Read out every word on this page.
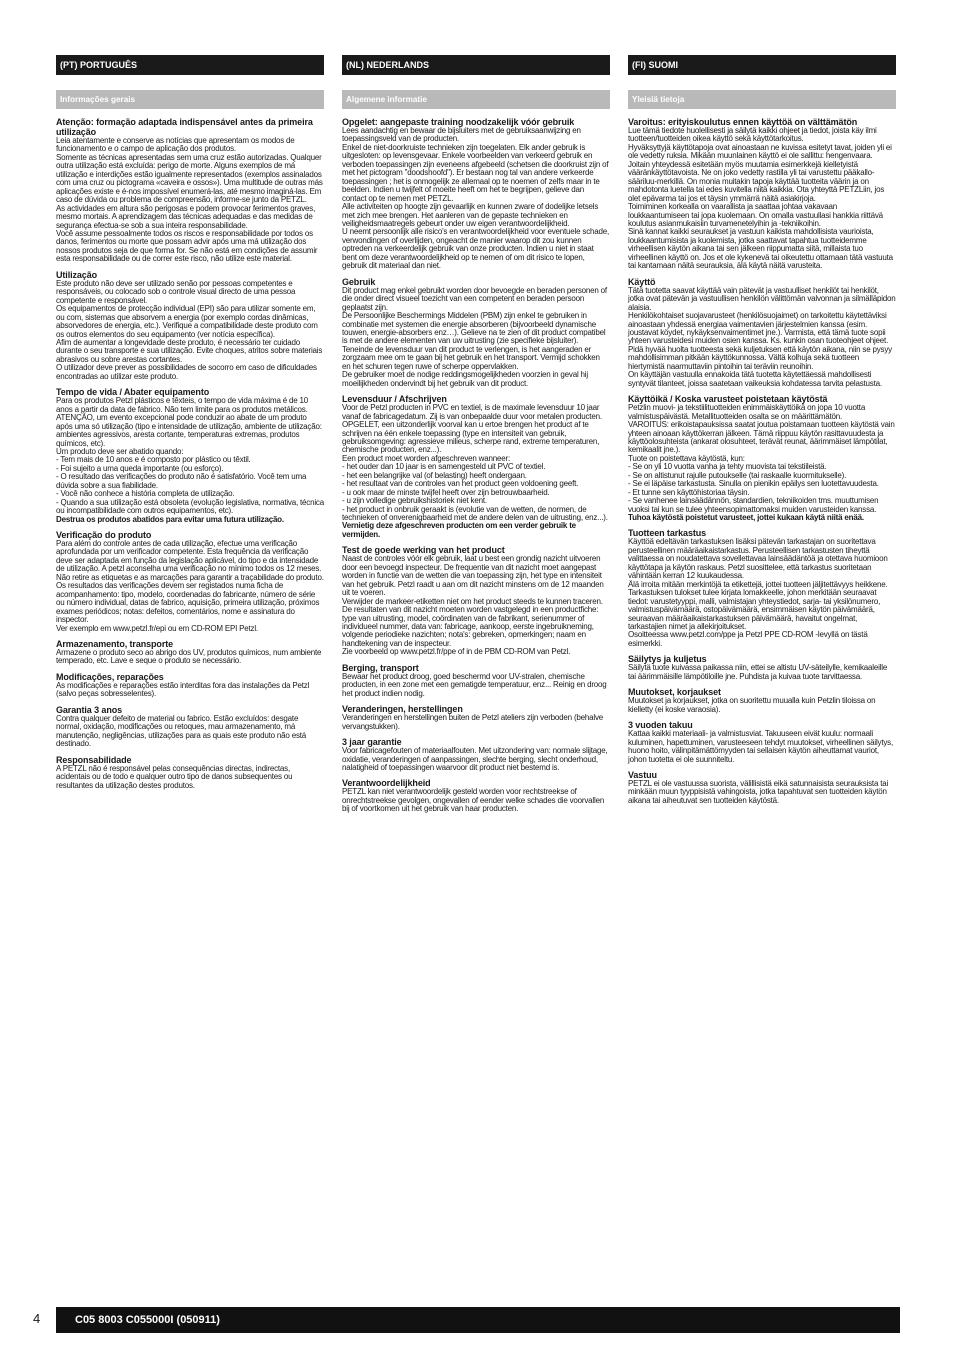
(PT) PORTUGUÊS
Informações gerais
Atenção: formação adaptada indispensável antes da primeira utilização

Leia atentamente e conserve as notícias que apresentam os modos de funcionamento e o campo de aplicação dos produtos.
Somente as técnicas apresentadas sem uma cruz estão autorizadas. Qualquer outra utilização está excluída: perigo de morte. Alguns exemplos de má utilização e interdições estão igualmente representados (exemplos assinalados com uma cruz ou pictograma «caveira e ossos»). Uma multitude de outras más aplicações existe e é-nos impossível enumerá-las, até mesmo imaginá-las. Em caso de dúvida ou problema de compreensão, informe-se junto da PETZL.
As actividades em altura são perigosas e podem provocar ferimentos graves, mesmo mortais. A aprendizagem das técnicas adequadas e das medidas de segurança efectua-se sob a sua inteira responsabilidade.
Você assume pessoalmente todos os riscos e responsabilidade por todos os danos, ferimentos ou morte que possam advir após uma má utilização dos nossos produtos seja de que forma for. Se não está em condições de assumir esta responsabilidade ou de correr este risco, não utilize este material.

Utilização

Este produto não deve ser utilizado senão por pessoas competentes e responsáveis, ou colocado sob o controle visual directo de uma pessoa competente e responsável.
Os equipamentos de protecção individual (EPI) são para utilizar somente em, ou com, sistemas que absorvem a energia (por exemplo cordas dinâmicas, absorvedores de energia, etc.). Verifique a compatibilidade deste produto com os outros elementos do seu equipamento (ver notícia específica).
Afim de aumentar a longevidade deste produto, é necessário ter cuidado durante o seu transporte e sua utilização. Evite choques, atritos sobre materiais abrasivos ou sobre arestas cortantes.
O utilizador deve prever as possibilidades de socorro em caso de dificuldades encontradas ao utilizar este produto.

Tempo de vida / Abater equipamento

Para os produtos Petzl plásticos e têxteis, o tempo de vida máxima é de 10 anos a partir da data de fabrico. Não tem limite para os produtos metálicos.
ATENÇÃO, um evento excepcional pode conduzir ao abate de um produto após uma só utilização (tipo e intensidade de utilização, ambiente de utilização: ambientes agressivos, aresta cortante, temperaturas extremas, produtos químicos, etc).
Um produto deve ser abatido quando:
- Tem mais de 10 anos e é composto por plástico ou têxtil.
- Foi sujeito a uma queda importante (ou esforço).
- O resultado das verificações do produto não é satisfatório. Você tem uma dúvida sobre a sua fiabilidade.
- Você não conhece a história completa de utilização.
- Quando a sua utilização está obsoleta (evolução legislativa, normativa, técnica ou incompatibilidade com outros equipamentos, etc).

Destrua os produtos abatidos para evitar uma futura utilização.

Verificação do produto

Para além do controle antes de cada utilização, efectue uma verificação aprofundada por um verificador competente. Esta frequência da verificação deve ser adaptada em função da legislação aplicável, do tipo e da intensidade de utilização. A petzl aconselha uma verificação no mínimo todos os 12 meses.
Não retire as etiquetas e as marcações para garantir a traçabilidade do produto.
Os resultados das verificações devem ser registados numa ficha de acompanhamento: tipo, modelo, coordenadas do fabricante, número de série ou número individual, datas de fabrico, aquisição, primeira utilização, próximos exames periódicos; notas: defeitos, comentários, nome e assinatura do inspector.
Ver exemplo em www.petzl.fr/epi ou em CD-ROM EPI Petzl.

Armazenamento, transporte

Armazene o produto seco ao abrigo dos UV, produtos químicos, num ambiente temperado, etc. Lave e seque o produto se necessário.

Modificações, reparações

As modificações e reparações estão interditas fora das instalações da Petzl (salvo peças sobresselentes).

Garantia 3 anos

Contra qualquer defeito de material ou fabrico. Estão excluídos: desgate normal, oxidação, modificações ou retoques, mau armazenamento, má manutenção, negligências, utilizações para as quais este produto não está destinado.

Responsabilidade

A PETZL não é responsável pelas consequências directas, indirectas, acidentais ou de todo e qualquer outro tipo de danos subsequentes ou resultantes da utilização destes produtos.

(NL) NEDERLANDS
Algemene informatie
Opgelet: aangepaste training noodzakelijk vóór gebruik

Lees aandachtig en bewaar de bijsluiters met de gebruiksaanwijzing en toepassingsveld van de producten.
Enkel de niet-doorkruiste technieken zijn toegelaten. Elk ander gebruik is uitgesloten: op levensgevaar. Enkele voorbeelden van verkeerd gebruik en verboden toepassingen zijn eveneens afgebeeld (schetsen die doorkruist zijn of met het pictogram "doodshoofd"). Er bestaan nog tal van andere verkeerde toepassingen ; het is onmogelijk ze allemaal op te noemen of zelfs maar in te beelden. Indien u twijfelt of moeite heeft om het te begrijpen, gelieve dan contact op te nemen met PETZL.
Alle activiteiten op hoogte zijn gevaarlijk en kunnen zware of dodelijke letsels met zich mee brengen. Het aanleren van de gepaste technieken en veiligheidsmaatregels gebeurt onder uw eigen verantwoordelijkheid.
U neemt persoonlijk alle risico's en verantwoordelijkheid voor eventuele schade, verwondingen of overlijden, ongeacht de manier waarop dit zou kunnen optreden na verkeerdelijk gebruik van onze producten. Indien u niet in staat bent om deze verantwoordelijkheid op te nemen of om dit risico te lopen, gebruik dit materiaal dan niet.

Gebruik

Dit product mag enkel gebruikt worden door bevoegde en beraden personen of die onder direct visueel toezicht van een competent en beraden persoon geplaatst zijn.
De Persoonlijke Beschermings Middelen (PBM) zijn enkel te gebruiken in combinatie met systemen die energie absorberen (bijvoorbeeld dynamische touwen, energie-absorbers enz…). Gelieve na te zien of dit product compatibel is met de andere elementen van uw uitrusting (zie specifieke bijsluiter).
Teneinde de levensduur van dit product te verlengen, is het aangeraden er zorgzaam mee om te gaan bij het gebruik en het transport. Vermijd schokken en het schuren tegen ruwe of scherpe oppervlakken.
De gebruiker moet de nodige reddingsmogelijkheden voorzien in geval hij moeilijkheden ondervindt bij het gebruik van dit product.

Levensduur / Afschrijven

Voor de Petzl producten in PVC en textiel, is de maximale levensduur 10 jaar vanaf de fabricagedatum. Zij is van onbepaalde duur voor metalen producten.
OPGELET, een uitzonderlijk voorval kan u ertoe brengen het product af te schrijven na één enkele toepassing (type en intensiteit van gebruik, gebruiksomgeving: agressieve milieus, scherpe rand, extreme temperaturen, chemische producten, enz...).
Een product moet worden afgeschreven wanneer:
- het ouder dan 10 jaar is en samengesteld uit PVC of textiel.
- het een belangrijke val (of belasting) heeft ondergaan.
- het resultaat van de controles van het product geen voldoening geeft.
- u ook maar de minste twijfel heeft over zijn betrouwbaarheid.
- u zijn volledige gebruikshistoriek niet kent.
- het product in onbruik geraakt is (evolutie van de wetten, de normen, de technieken of onverenigbaarheid met de andere delen van de uitrusting, enz...).

Vernietig deze afgeschreven producten om een verder gebruik te vermijden.

Test de goede werking van het product

Naast de controles vóór elk gebruik, laat u best een grondig nazicht uitvoeren door een bevoegd inspecteur. De frequentie van dit nazicht moet aangepast worden in functie van de wetten die van toepassing zijn, het type en intensiteit van het gebruik. Petzl raadt u aan om dit nazicht minstens om de 12 maanden uit te voeren.
Verwijder de markeer-etiketten niet om het product steeds te kunnen traceren.
De resultaten van dit nazicht moeten worden vastgelegd in een productfiche: type van uitrusting, model, coördinaten van de fabrikant, serienummer of individueel nummer, data van: fabricage, aankoop, eerste ingebruikneming, volgende periodieke nazichten; nota's: gebreken, opmerkingen; naam en handtekening van de inspecteur.
Zie voorbeeld op www.petzl.fr/ppe of in de PBM CD-ROM van Petzl.

Berging, transport

Bewaar het product droog, goed beschermd voor UV-stralen, chemische producten, in een zone met een gematigde temperatuur, enz... Reinig en droog het product indien nodig.

Veranderingen, herstellingen

Veranderingen en herstellingen buiten de Petzl ateliers zijn verboden (behalve vervangstukken).

3 jaar garantie

Voor fabricagefouten of materiaalfouten. Met uitzondering van: normale slijtage, oxidatie, veranderingen of aanpassingen, slechte berging, slecht onderhoud, nalatigheid of toepassingen waarvoor dit product niet bestemd is.

Verantwoordelijkheid

PETZL kan niet verantwoordelijk gesteld worden voor rechtstreekse of onrechtstreekse gevolgen, ongevallen of eender welke schades die voorvallen bij of voortkomen uit het gebruik van haar producten.

(FI) SUOMI
Yleisiä tietoja
Varoitus: erityiskoulutus ennen käyttöä on välttämätön

Lue tämä tiedote huolellisesti ja säilytä kaikki ohjeet ja tiedot, joista käy ilmi tuotteen/tuotteiden oikea käyttö sekä käyttötarkoitus.
Hyväksyttyjä käyttötapoja ovat ainoastaan ne kuvissa esitetyt tavat, joiden yli ei ole vedetty ruksia. Mikään muunlainen käyttö ei ole sallittu: hengenvaara. Joitain yhteydessä esitetään myös muutamia esimerkkejä kielletyistä vääränkäyttötavoista. Ne on joko vedetty rastilla yli tai varustettu pääkallo-sääriluu-merkillä. On monia muitakin tapoja käyttää tuotteita väärin ja on mahdotonta luetella tai edes kuvitella niitä kaikkia. Ota yhteyttä PETZLiin, jos olet epävarma tai jos et täysin ymmärrä näitä asiakirjoja.
Toimiminen korkealla on vaarallista ja saattaa johtaa vakavaan loukkaantumiseen tai jopa kuolemaan. On omalla vastuullasi hankkia riittävä koulutus asianmukaisiin turvamenetelyihin ja -tekniikoihin.
Sinä kannat kaikki seuraukset ja vastuun kaikista mahdollisista vaurioista, loukkaantumisista ja kuolemista, jotka saattavat tapahtua tuotteidemme virheellisen käytön aikana tai sen jälkeen riippumatta siitä, millaista tuo virheellinen käyttö on. Jos et ole kykenevä tai oikeutettu ottamaan tätä vastuuta tai kantamaan näitä seurauksia, älä käytä näitä varusteita.

Käyttö

Tätä tuotetta saavat käyttää vain pätevät ja vastuulliset henkilöt tai henkilöt, jotka ovat pätevän ja vastuullisen henkilön välittömän valvonnan ja silmälläpidon alaisia.
Henkilökohtaiset suojavarusteet (henkilösuojaimet) on tarkoitettu käytettäviksi ainoastaan yhdessä energiaa vaimentavien järjestelmien kanssa (esim. joustavat köydet, nykäyksenvaimentimet jne.). Varmista, että tämä tuote sopii yhteen varusteidesi muiden osien kanssa. Ks. kunkin osan tuoteohjeet ohjeet.
Pidä hyvää huolta tuotteesta sekä kuljetuksen että käytön aikana, niin se pysyy mahdollisimman pitkään käyttökunnossa. Vältä kolhuja sekä tuotteen hiertymistä naarmuttaviin pintoihin tai teräviin reunoihin.
On käyttäjän vastuulla ennakoida tätä tuotetta käytettäessä mahdollisesti syntyvät tilanteet, joissa saatetaan vaikeuksia kohdatessa tarvita pelastusta.

Käyttöikä / Koska varusteet poistetaan käytöstä

Petzlin muovi- ja tekstiilituotteiden enimmäiskäyttöikä on jopa 10 vuotta valmistuspäivästä. Metallituotteiden osalta se on määrittämätön.
VAROITUS: erikoistapauksissa saatat joutua poistamaan tuotteen käytöstä vain yhteen ainoaan käyttökerran jälkeen. Tämä riippuu käytön rasittavuudesta ja käyttöolosuhteista (ankarat olosuhteet, terävät reunat, äärimmäiset lämpötilat, kemikaalit jne.).
Tuote on poistettava käytöstä, kun:
- Se on yli 10 vuotta vanha ja tehty muovista tai tekstiileistä.
- Se on altistunut rajulle putoukselle (tai raskaalle kuormitukselle).
- Se ei läpäise tarkastusta. Sinulla on pienikin epäilys sen luotettavuudesta.
- Et tunne sen käyttöhistoriaa täysin.
- Se vanhenee lainsäädännön, standardien, tekniikoiden tms. muuttumisen vuoksi tai kun se tulee yhteensopimattomaksi muiden varusteiden kanssa.

Tuhoa käytöstä poistetut varusteet, jottei kukaan käytä niitä enää.

Tuotteen tarkastus

Käyttöä edeltävän tarkastuksen lisäksi pätevän tarkastajan on suoritettava perusteellinen määräaikaistarkastus. Perusteellisen tarkastusten tiheyttä valittaessa on noudatettava sovellettavaa lainsäädäntöä ja otettava huomioon käyttötapa ja käytön raskaus. Petzl suosittelee, että tarkastus suoritetaan vähintään kerran 12 kuukaudessa.
Älä irroita mitään merkintöjä ta etikettejä, jottei tuotteen jäljitettävyys heikkene.
Tarkastuksen tulokset tulee kirjata lomakkeelle, johon merkitään seuraavat tiedot: varustetyyppi, malli, valmistajan yhteystiedot, sarja- tai yksilönumero, valmistuspäivämäärä, ostopäivämäärä, ensimmäisen käytön päivämäärä, seuraavan määräaikaistarkastuksen päivämäärä, havaitut ongelmat, tarkastajien nimet ja allekirjoitukset.
Osoitteessa www.petzl.com/ppe ja Petzl PPE CD-ROM -levyllä on tästä esimerkki.

Säilytys ja kuljetus

Säilytä tuote kuivassa paikassa niin, ettei se altistu UV-säteilylle, kemikaaleille tai äärimmäisille lämpötiloille jne. Puhdista ja kuivaa tuote tarvittaessa.

Muutokset, korjaukset

Muutokset ja korjaukset, jotka on suoritettu muualla kuin Petzlin tiloissa on kielletty (ei koske varaosia).

3 vuoden takuu

Kattaa kaikki materiaali- ja valmistusviat. Takuuseen eivät kuulu: normaali kuluminen, hapettuminen, varusteeseen tehdyt muutokset, virheellinen säilytys, huono hoito, välinpitämättömyyden tai sellaisen käytön aiheuttamat vauriot, johon tuotetta ei ole suunniteltu.

Vastuu

PETZL ei ole vastuussa suorista, välillisistä eikä satunnaisista seurauksista tai minkään muun tyyppisistä vahingoista, jotka tapahtuvat sen tuotteiden käytön aikana tai aiheutuvat sen tuotteiden käytöstä.

4	C05 8003 C055000I (050911)
